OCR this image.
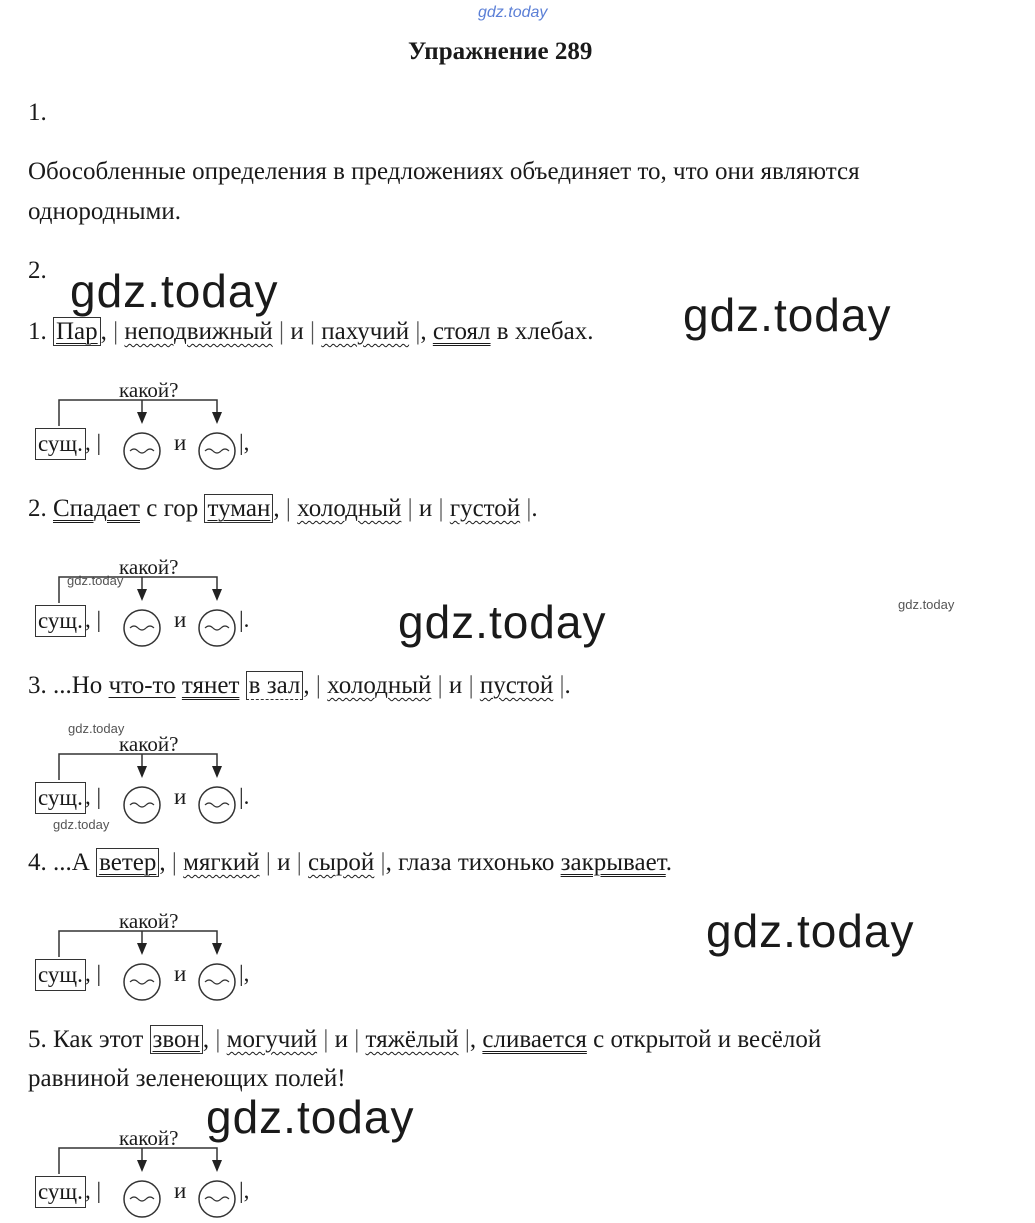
gdz.today
gdz.today	gdz.today
gdz.today	gdz.today
gdz.today
gdz.today
gdz.today
gdz.today
gdz.today
Упражнение 289
1.
Обособленные определения в предложениях объединяет то, что они являются
однородными.
2.
1. Пар , | неподвижный | и | пахучий |, стоял в хлебах.
какой?
сущ. , |	и |,
2. Спадает с гор туман , | холодный | и | густой |.
какой?
сущ. , |	и |.
3. ...Но что-то тянет в зал , | холодный | и | пустой |.
какой?
сущ. , |	и |.
4. ...А ветер , | мягкий | и | сырой |, глаза тихонько закрывает.
какой?
сущ. , |	и |,
5. Как этот звон , | могучий | и | тяжёлый |, сливается с открытой и весёлой
равниной зеленеющих полей!
какой?
сущ. , |	и |,
